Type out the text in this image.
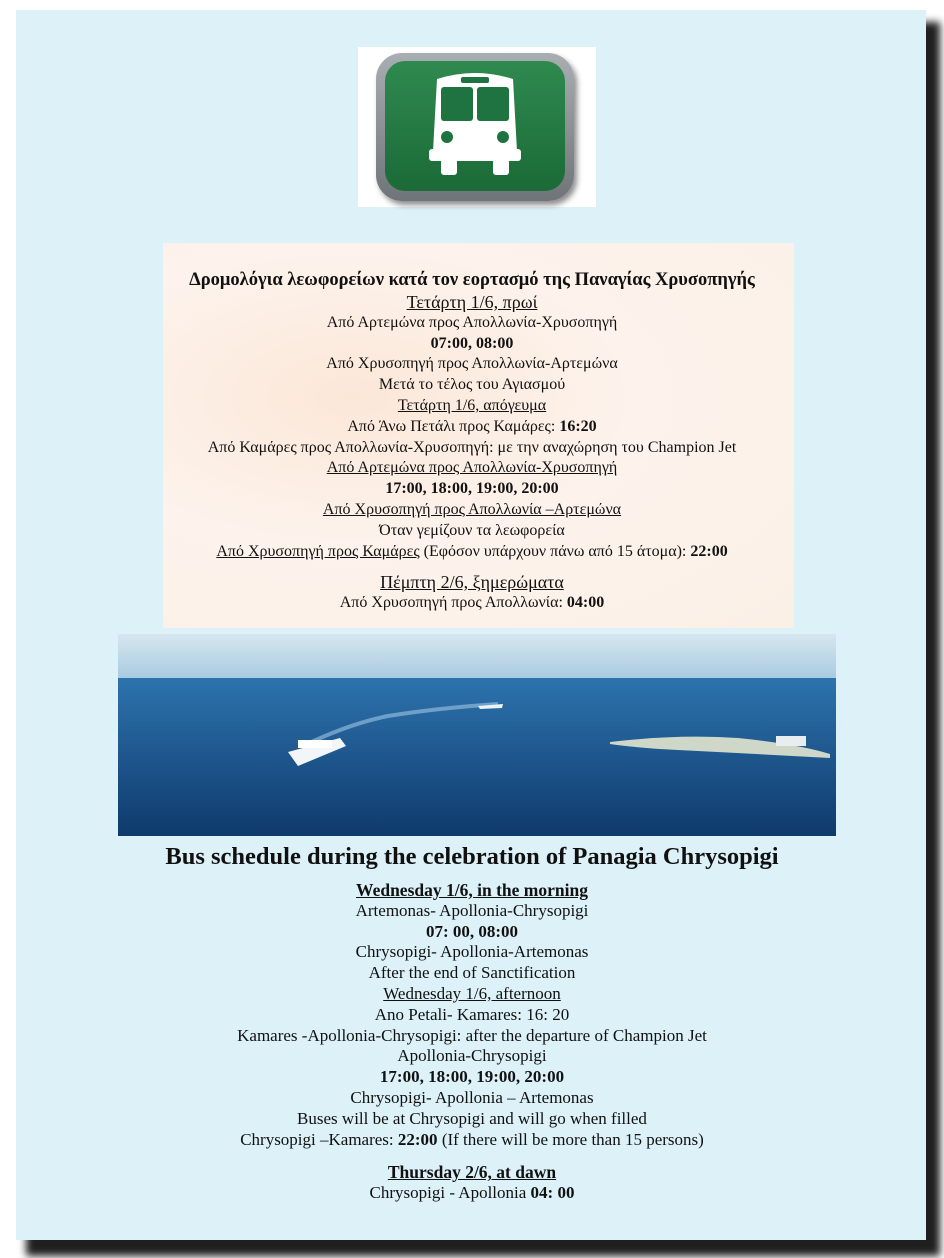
Δρομολόγια λεωφορείων κατά τον εορτασμό της Παναγίας Χρυσοπηγής
Τετάρτη 1/6, πρωί
Από Αρτεμώνα προς Απολλωνία-Χρυσοπηγή
07:00, 08:00
Από Χρυσοπηγή προς Απολλωνία-Αρτεμώνα
Μετά το τέλος του Αγιασμού
Τετάρτη 1/6, απόγευμα
Από Άνω Πετάλι προς Καμάρες: 16:20
Από Καμάρες προς Απολλωνία-Χρυσοπηγή: με την αναχώρηση του Champion Jet
Από Αρτεμώνα προς Απολλωνία-Χρυσοπηγή
17:00, 18:00, 19:00, 20:00
Από Χρυσοπηγή προς Απολλωνία –Αρτεμώνα
Όταν γεμίζουν τα λεωφορεία
Από Χρυσοπηγή προς Καμάρες (Εφόσον υπάρχουν πάνω από 15 άτομα): 22:00
Πέμπτη 2/6, ξημερώματα
Από Χρυσοπηγή προς Απολλωνία: 04:00
Bus schedule during the celebration of Panagia Chrysopigi
Wednesday 1/6, in the morning
Artemonas- Apollonia-Chrysopigi
07: 00, 08:00
Chrysopigi- Apollonia-Artemonas
After the end of Sanctification
Wednesday 1/6, afternoon
Ano Petali- Kamares: 16: 20
Kamares -Apollonia-Chrysopigi: after the departure of Champion Jet
Apollonia-Chrysopigi
17:00, 18:00, 19:00, 20:00
Chrysopigi- Apollonia – Artemonas
Buses will be at Chrysopigi and will go when filled
Chrysopigi –Kamares: 22:00 (If there will be more than 15 persons)
Thursday 2/6, at dawn
Chrysopigi - Apollonia 04: 00
